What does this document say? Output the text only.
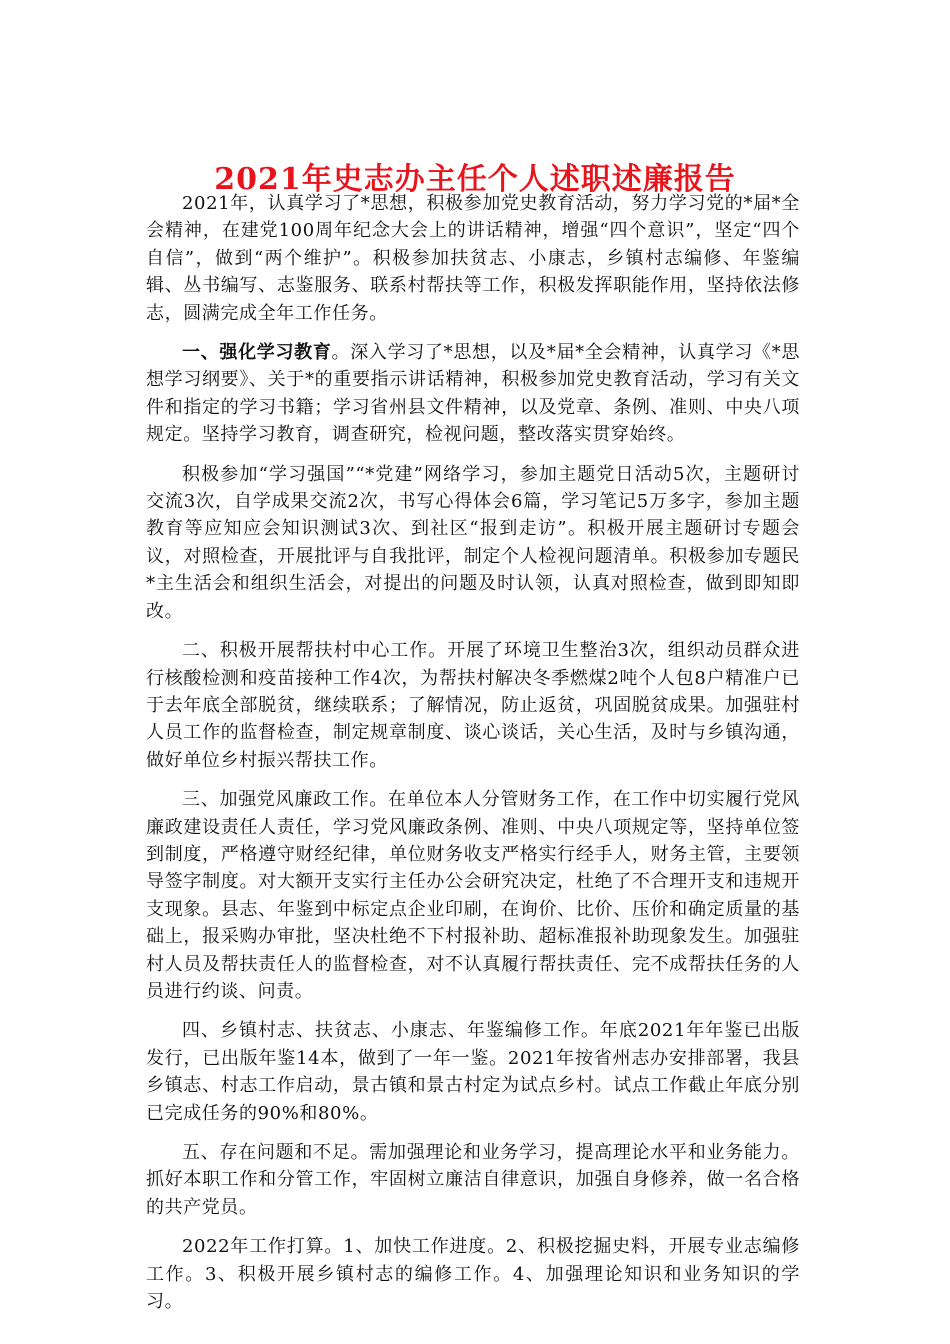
2021年史志办主任个人述职述廉报告

2021年，认真学习了*思想，积极参加党史教育活动，努力学习党的*届*全会精神，在建党100周年纪念大会上的讲话精神，增强“四个意识”，坚定“四个自信”，做到“两个维护”。积极参加扶贫志、小康志，乡镇村志编修、年鉴编辑、丛书编写、志鉴服务、联系村帮扶等工作，积极发挥职能作用，坚持依法修志，圆满完成全年工作任务。

一、强化学习教育。深入学习了*思想，以及*届*全会精神，认真学习《*思想学习纲要》、关于*的重要指示讲话精神，积极参加党史教育活动，学习有关文件和指定的学习书籍；学习省州县文件精神，以及党章、条例、准则、中央八项规定。坚持学习教育，调查研究，检视问题，整改落实贯穿始终。

积极参加“学习强国”“*党建”网络学习，参加主题党日活动5次，主题研讨交流3次，自学成果交流2次，书写心得体会6篇，学习笔记5万多字，参加主题教育等应知应会知识测试3次、到社区“报到走访”。积极开展主题研讨专题会议，对照检查，开展批评与自我批评，制定个人检视问题清单。积极参加专题民*主生活会和组织生活会，对提出的问题及时认领，认真对照检查，做到即知即改。

二、积极开展帮扶村中心工作。开展了环境卫生整治3次，组织动员群众进行核酸检测和疫苗接种工作4次，为帮扶村解决冬季燃煤2吨个人包8户精准户已于去年底全部脱贫，继续联系；了解情况，防止返贫，巩固脱贫成果。加强驻村人员工作的监督检查，制定规章制度、谈心谈话，关心生活，及时与乡镇沟通，做好单位乡村振兴帮扶工作。

三、加强党风廉政工作。在单位本人分管财务工作，在工作中切实履行党风廉政建设责任人责任，学习党风廉政条例、准则、中央八项规定等，坚持单位签到制度，严格遵守财经纪律，单位财务收支严格实行经手人，财务主管，主要领导签字制度。对大额开支实行主任办公会研究决定，杜绝了不合理开支和违规开支现象。县志、年鉴到中标定点企业印刷，在询价、比价、压价和确定质量的基础上，报采购办审批，坚决杜绝不下村报补助、超标准报补助现象发生。加强驻村人员及帮扶责任人的监督检查，对不认真履行帮扶责任、完不成帮扶任务的人员进行约谈、问责。

四、乡镇村志、扶贫志、小康志、年鉴编修工作。年底2021年年鉴已出版发行，已出版年鉴14本，做到了一年一鉴。2021年按省州志办安排部署，我县乡镇志、村志工作启动，景古镇和景古村定为试点乡村。试点工作截止年底分别已完成任务的90%和80%。

五、存在问题和不足。需加强理论和业务学习，提高理论水平和业务能力。抓好本职工作和分管工作，牢固树立廉洁自律意识，加强自身修养，做一名合格的共产党员。

2022年工作打算。1、加快工作进度。2、积极挖掘史料，开展专业志编修工作。3、积极开展乡镇村志的编修工作。4、加强理论知识和业务知识的学习。
